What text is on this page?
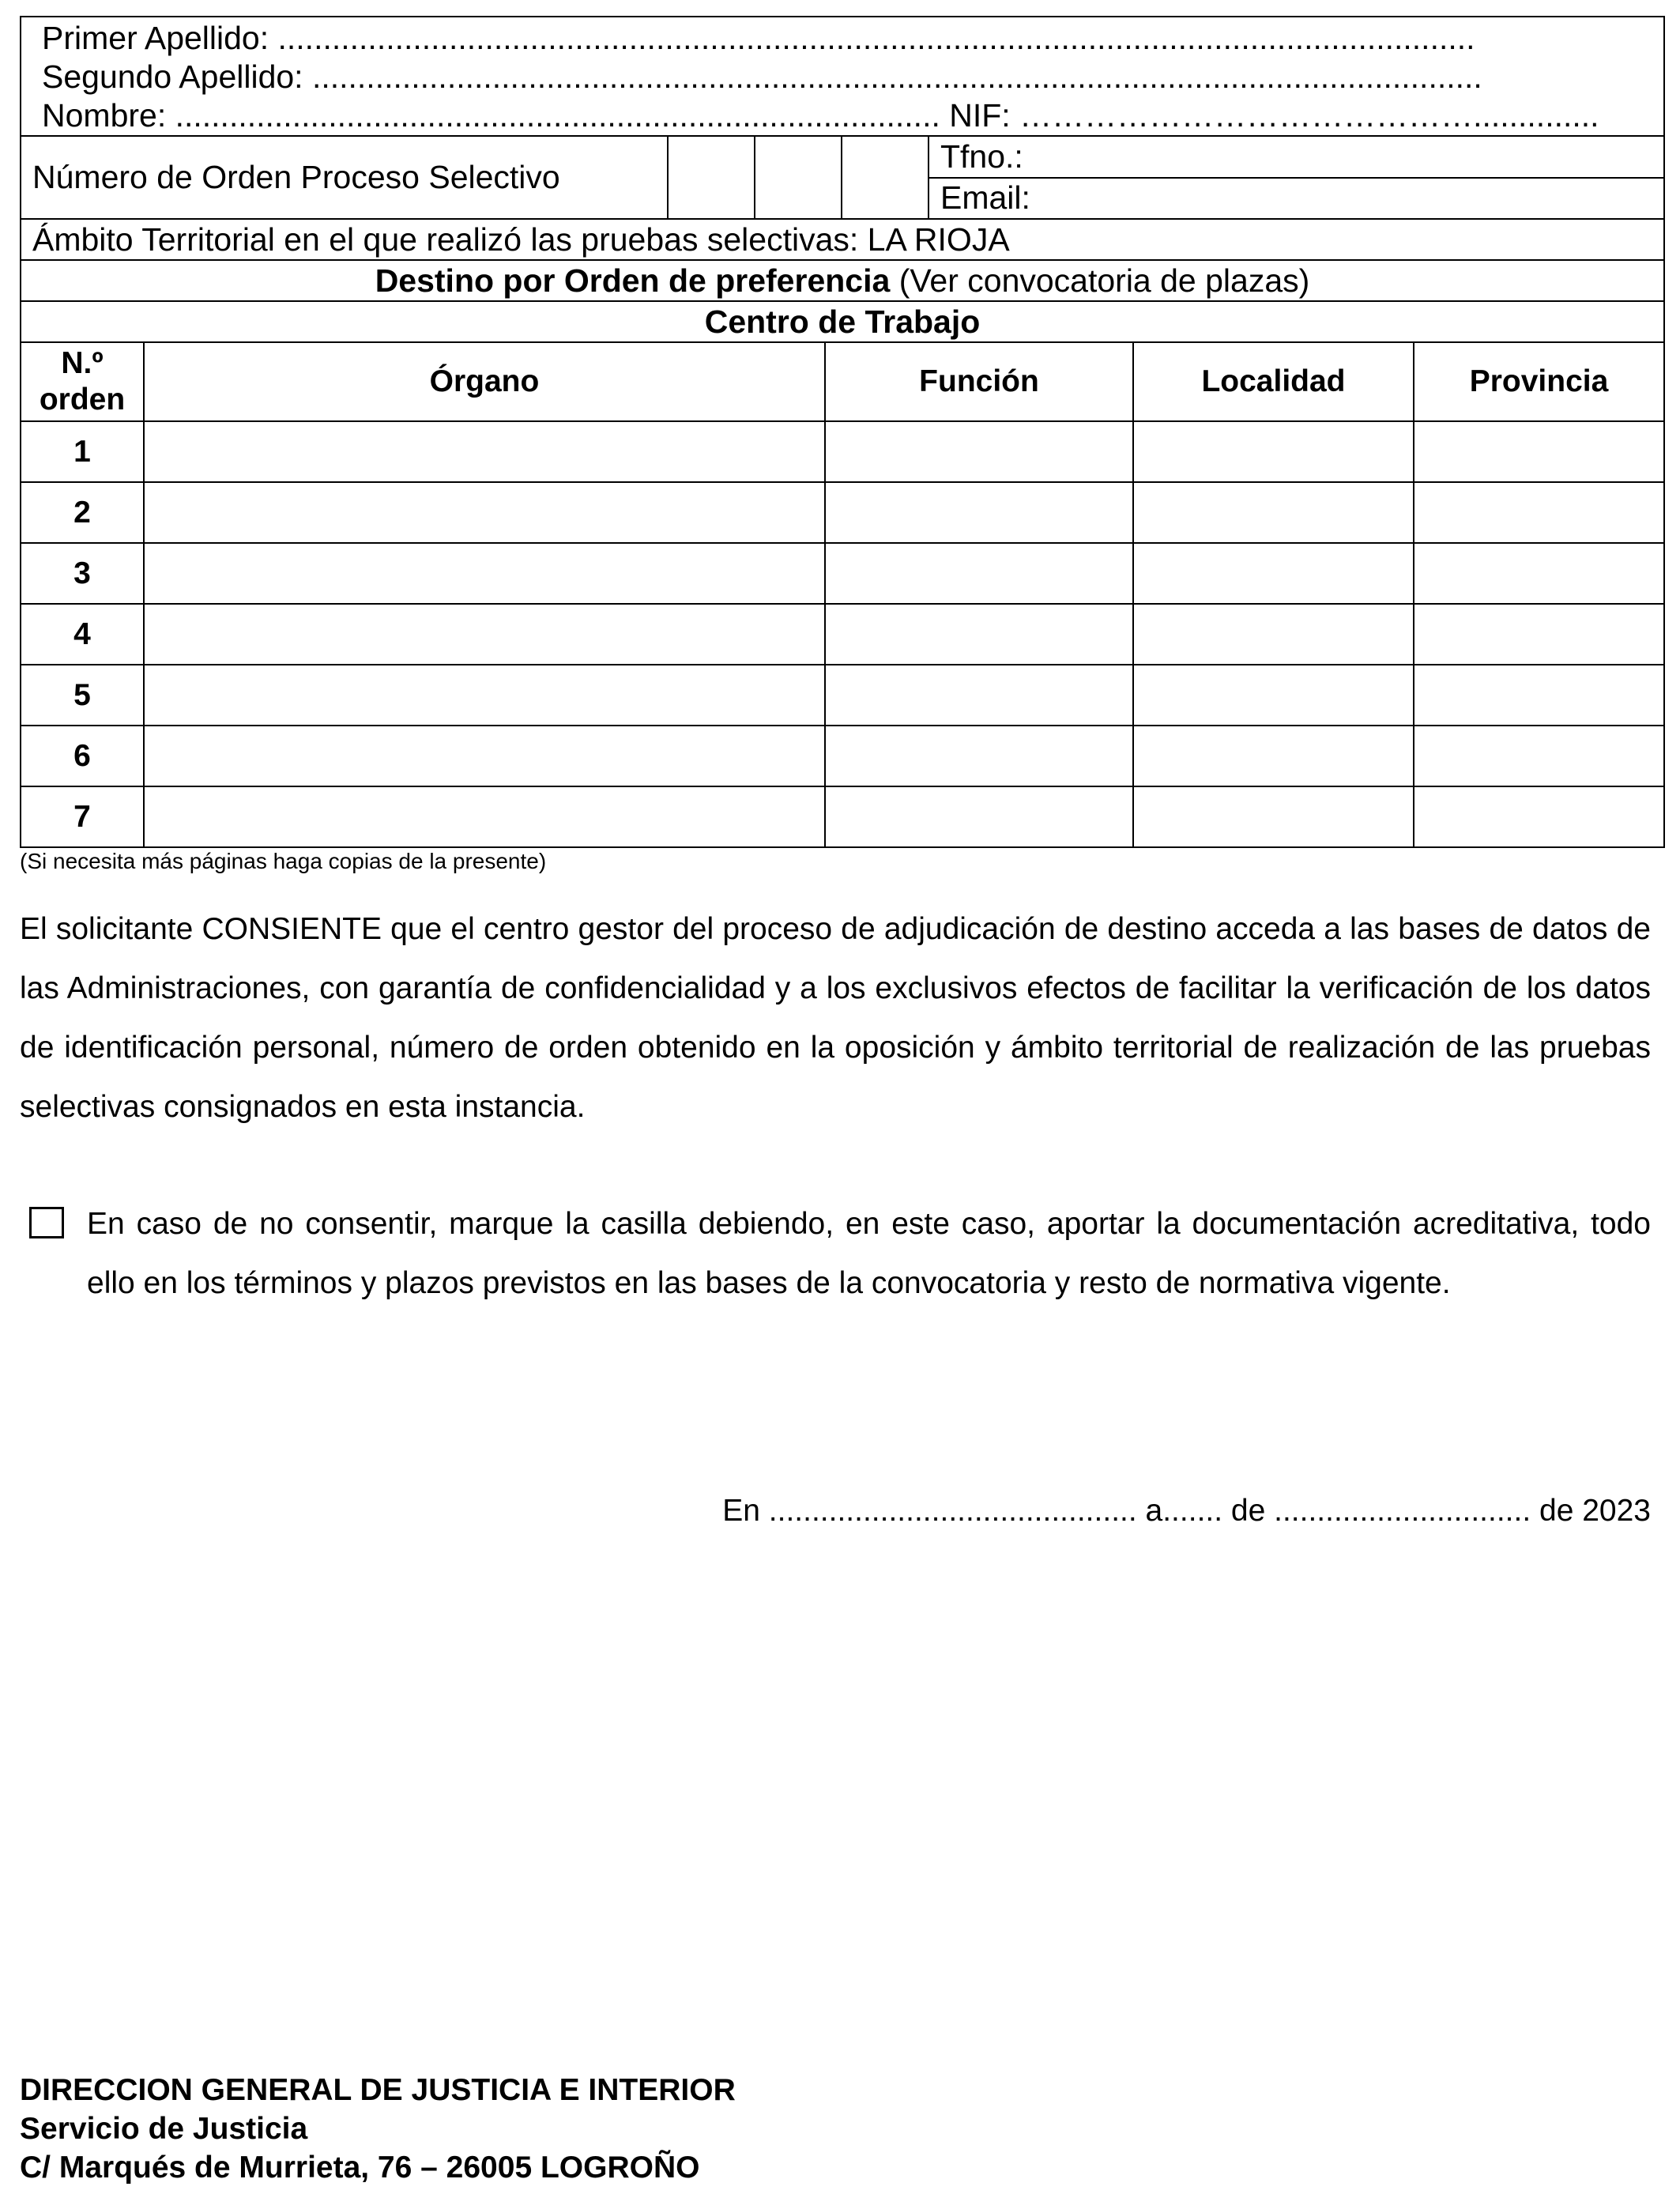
Primer Apellido: .....................................................................................................................................
Segundo Apellido: ..................................................................................................................................
Nombre: ..................................................................................... NIF: ……………………………………..............
Número de Orden Proceso Selectivo
Tfno.:
Email:
Ámbito Territorial en el que realizó las pruebas selectivas: LA RIOJA
Destino por Orden de preferencia (Ver convocatoria de plazas)
Centro de Trabajo
N.º
orden
Órgano	Función	Localidad	Provincia
1
2
3
4
5
6
7
(Si necesita más páginas haga copias de la presente)
El solicitante CONSIENTE que el centro gestor del proceso de adjudicación de destino acceda a las bases de datos de las Administraciones, con garantía de confidencialidad y a los exclusivos efectos de facilitar la verificación de los datos de identificación personal, número de orden obtenido en la oposición y ámbito territorial de realización de las pruebas selectivas consignados en esta instancia.
En caso de no consentir, marque la casilla debiendo, en este caso, aportar la documentación acreditativa, todo ello en los términos y plazos previstos en las bases de la convocatoria y resto de normativa vigente.
En ........................................... a....... de .............................. de 2023
DIRECCION GENERAL DE JUSTICIA E INTERIOR
Servicio de Justicia
C/ Marqués de Murrieta, 76 – 26005 LOGROÑO
